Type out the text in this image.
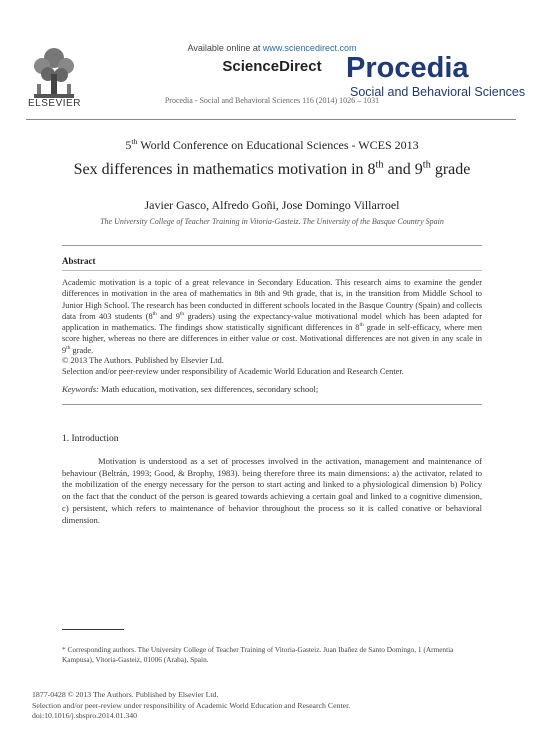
ELSEVIER
Available online at www.sciencedirect.com
ScienceDirect
Procedia - Social and Behavioral Sciences 116 (2014) 1026 – 1031
Procedia
Social and Behavioral Sciences
5th World Conference on Educational Sciences - WCES 2013
Sex differences in mathematics motivation in 8th and 9th grade
Javier Gasco, Alfredo Goñi, Jose Domingo Villarroel
The University College of Teacher Training in Vitoria-Gasteiz. The University of the Basque Country Spain
Abstract
Academic motivation is a topic of a great relevance in Secondary Education. This research aims to examine the gender differences in motivation in the area of mathematics in 8th and 9th grade, that is, in the transition from Middle School to Junior High School. The research has been conducted in different schools located in the Basque Country (Spain) and collects data from 403 students (8th and 9th graders) using the expectancy-value motivational model which has been adapted for application in mathematics. The findings show statistically significant differences in 8th grade in self-efficacy, where men score higher, whereas no there are differences in either value or cost. Motivational differences are not given in any scale in 9th grade.
© 2013 The Authors. Published by Elsevier Ltd.
Selection and/or peer-review under responsibility of Academic World Education and Research Center.
Keywords: Math education, motivation, sex differences, secondary school;
1. Introduction
Motivation is understood as a set of processes involved in the activation, management and maintenance of behaviour (Beltrán, 1993; Good, & Brophy, 1983). being therefore three its main dimensions: a) the activator, related to the mobilization of the energy necessary for the person to start acting and linked to a physiological dimension b) Policy on the fact that the conduct of the person is geared towards achieving a certain goal and linked to a cognitive dimension, c) persistent, which refers to maintenance of behavior throughout the process so it is called conative or behavioral dimension.
* Corresponding authors. The University College of Teacher Training of Vitoria-Gasteiz. Juan Ibañez de Santo Domingo, 1 (Armentia Kampusa), Vitoria-Gasteiz, 01006 (Araba), Spain.
1877-0428 © 2013 The Authors. Published by Elsevier Ltd.
Selection and/or peer-review under responsibility of Academic World Education and Research Center.
doi:10.1016/j.sbspro.2014.01.340
